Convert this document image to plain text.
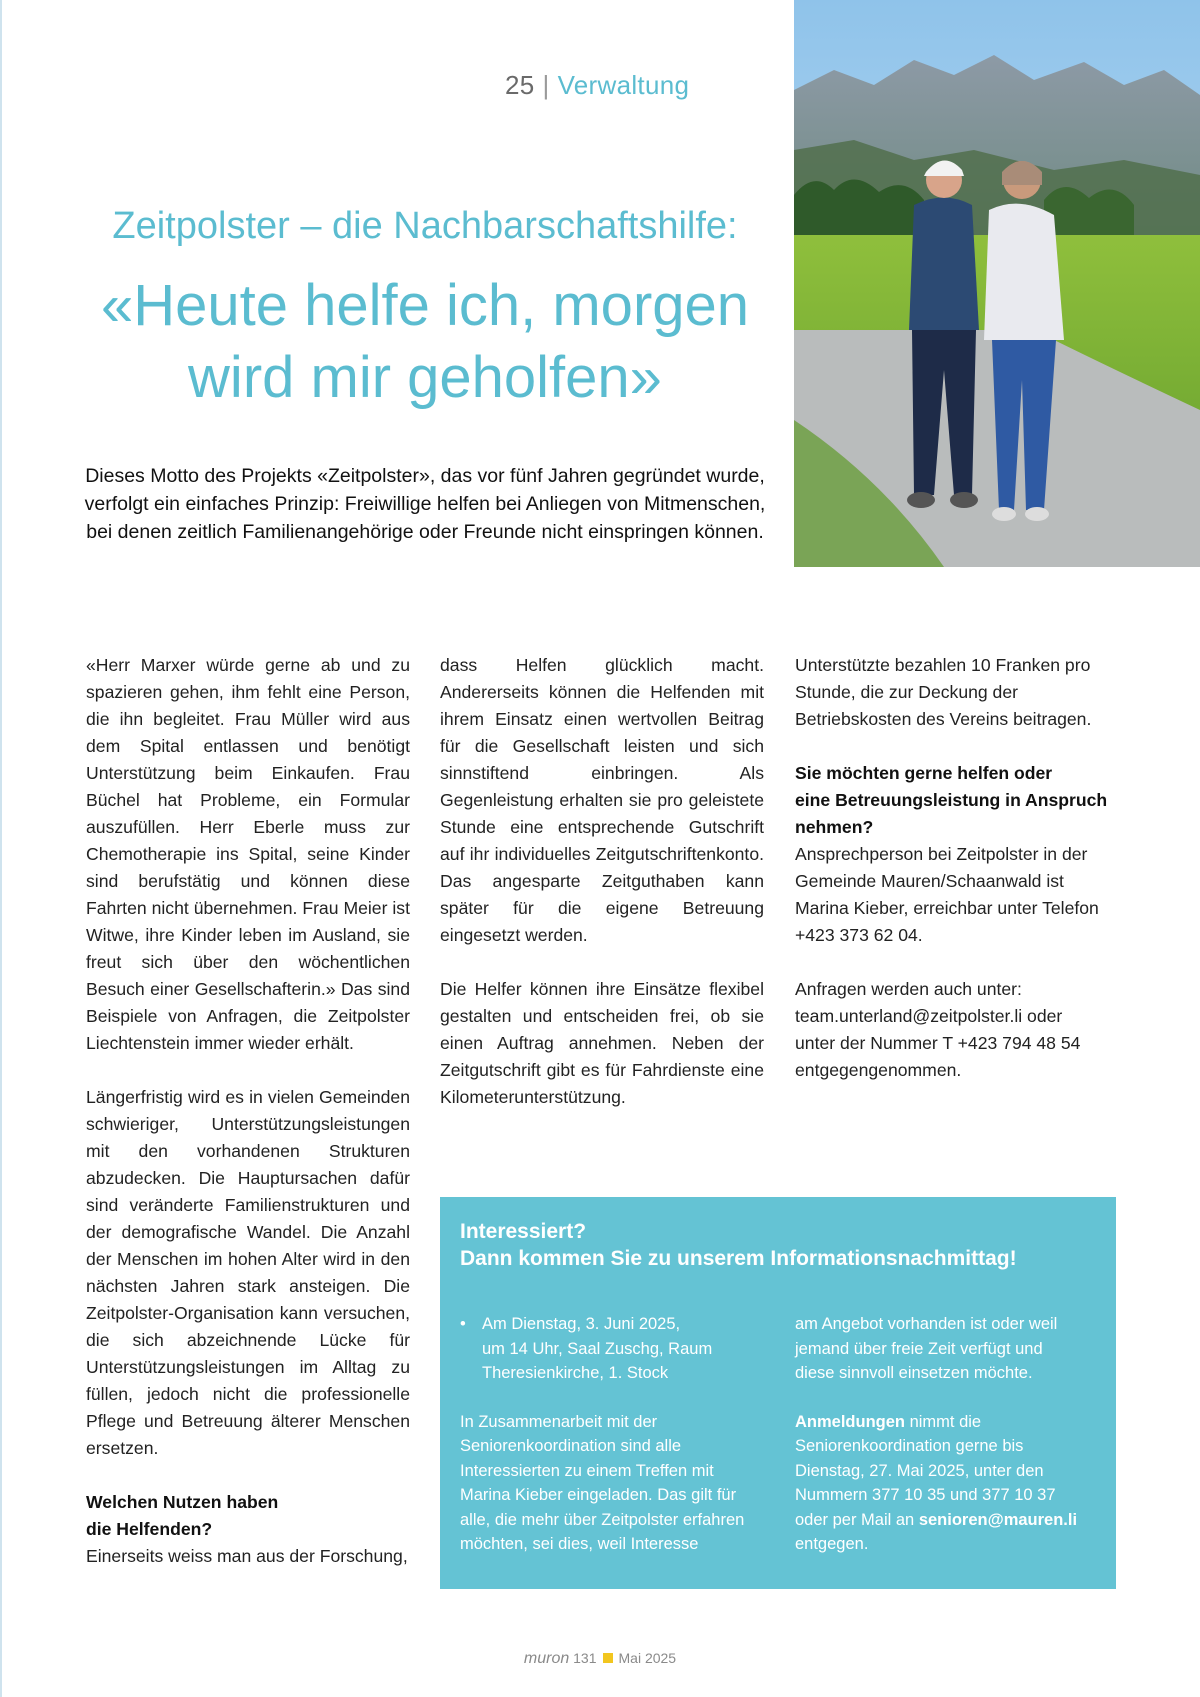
25 | Verwaltung
Zeitpolster – die Nachbarschaftshilfe:
«Heute helfe ich, morgen
wird mir geholfen»
Dieses Motto des Projekts «Zeitpolster», das vor fünf Jahren gegründet wurde, verfolgt ein einfaches Prinzip: Freiwillige helfen bei Anliegen von Mitmenschen, bei denen zeitlich Familienangehörige oder Freunde nicht einspringen können.

«Herr Marxer würde gerne ab und zu spazieren gehen, ihm fehlt eine Person, die ihn begleitet. Frau Müller wird aus dem Spital entlassen und benötigt Unterstützung beim Einkaufen. Frau Büchel hat Probleme, ein Formular auszufüllen. Herr Eberle muss zur Chemotherapie ins Spital, seine Kinder sind berufstätig und können diese Fahrten nicht übernehmen. Frau Meier ist Witwe, ihre Kinder leben im Ausland, sie freut sich über den wöchentlichen Besuch einer Gesellschafterin.» Das sind Beispiele von Anfragen, die Zeitpolster Liechtenstein immer wieder erhält.

Längerfristig wird es in vielen Gemeinden schwieriger, Unterstützungsleistungen mit den vorhandenen Strukturen abzudecken. Die Hauptursachen dafür sind veränderte Familienstrukturen und der demografische Wandel. Die Anzahl der Menschen im hohen Alter wird in den nächsten Jahren stark ansteigen. Die Zeitpolster-Organisation kann versuchen, die sich abzeichnende Lücke für Unterstützungsleistungen im Alltag zu füllen, jedoch nicht die professionelle Pflege und Betreuung älterer Menschen ersetzen.

Welchen Nutzen haben
die Helfenden?

Einerseits weiss man aus der Forschung,

dass Helfen glücklich macht. Andererseits können die Helfenden mit ihrem Einsatz einen wertvollen Beitrag für die Gesellschaft leisten und sich sinnstiftend einbringen. Als Gegenleistung erhalten sie pro geleistete Stunde eine entsprechende Gutschrift auf ihr individuelles Zeitgutschriftenkonto. Das angesparte Zeitguthaben kann später für die eigene Betreuung eingesetzt werden.

Die Helfer können ihre Einsätze flexibel gestalten und entscheiden frei, ob sie einen Auftrag annehmen. Neben der Zeitgutschrift gibt es für Fahrdienste eine Kilometerunterstützung.

Unterstützte bezahlen 10 Franken pro Stunde, die zur Deckung der Betriebskosten des Vereins beitragen.

Sie möchten gerne helfen oder
eine Betreuungsleistung in Anspruch
nehmen?

Ansprechperson bei Zeitpolster in der Gemeinde Mauren/Schaanwald ist Marina Kieber, erreichbar unter Telefon +423 373 62 04.

Anfragen werden auch unter:
team.unterland@zeitpolster.li oder
unter der Nummer T +423 794 48 54
entgegengenommen.

Interessiert?
Dann kommen Sie zu unserem Informationsnachmittag!
• Am Dienstag, 3. Juni 2025,
um 14 Uhr, Saal Zuschg, Raum
Theresienkirche, 1. Stock

In Zusammenarbeit mit der Seniorenkoordination sind alle Interessierten zu einem Treffen mit Marina Kieber eingeladen. Das gilt für alle, die mehr über Zeitpolster erfahren möchten, sei dies, weil Interesse

am Angebot vorhanden ist oder weil jemand über freie Zeit verfügt und diese sinnvoll einsetzen möchte.

Anmeldungen nimmt die Seniorenkoordination gerne bis Dienstag, 27. Mai 2025, unter den Nummern 377 10 35 und 377 10 37 oder per Mail an senioren@mauren.li entgegen.

muron 131 Mai 2025
